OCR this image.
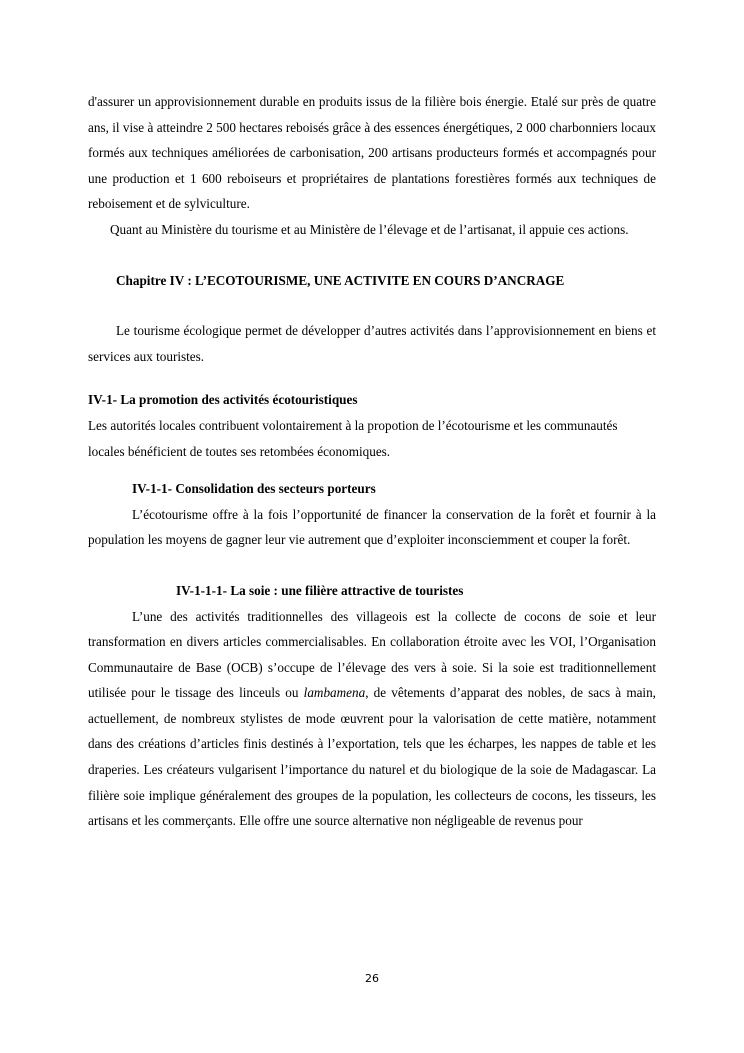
d'assurer un approvisionnement durable en produits issus de la filière bois énergie. Etalé sur près de quatre ans, il vise à atteindre 2 500 hectares reboisés grâce à des essences énergétiques, 2 000 charbonniers locaux formés aux techniques améliorées de carbonisation, 200 artisans producteurs formés et accompagnés pour une production et 1 600 reboiseurs et propriétaires de plantations forestières formés aux techniques de reboisement et de sylviculture.

Quant au Ministère du tourisme et au Ministère de l’élevage et de l’artisanat, il appuie ces actions.

Chapitre IV : L’ECOTOURISME, UNE ACTIVITE EN COURS D’ANCRAGE

Le tourisme écologique permet de développer d’autres activités dans l’approvisionnement en biens et services aux touristes.

IV-1- La promotion des activités écotouristiques

Les autorités locales contribuent volontairement à la propotion de l’écotourisme et les communautés locales bénéficient de toutes ses retombées économiques.

IV-1-1- Consolidation des secteurs porteurs

L’écotourisme offre à la fois l’opportunité de financer la conservation de la forêt et fournir à la population les moyens de gagner leur vie autrement que d’exploiter inconsciemment et couper la forêt.

IV-1-1-1- La soie : une filière attractive de touristes

L’une des activités traditionnelles des villageois est la collecte de cocons de soie et leur transformation en divers articles commercialisables. En collaboration étroite avec les VOI, l’Organisation Communautaire de Base (OCB) s’occupe de l’élevage des vers à soie. Si la soie est traditionnellement utilisée pour le tissage des linceuls ou lambamena, de vêtements d’apparat des nobles, de sacs à main, actuellement, de nombreux stylistes de mode œuvrent pour la valorisation de cette matière, notamment dans des créations d’articles finis destinés à l’exportation, tels que les écharpes, les nappes de table et les draperies. Les créateurs vulgarisent l’importance du naturel et du biologique de la soie de Madagascar. La filière soie implique généralement des groupes de la population, les collecteurs de cocons, les tisseurs, les artisans et les commerçants. Elle offre une source alternative non négligeable de revenus pour

26
